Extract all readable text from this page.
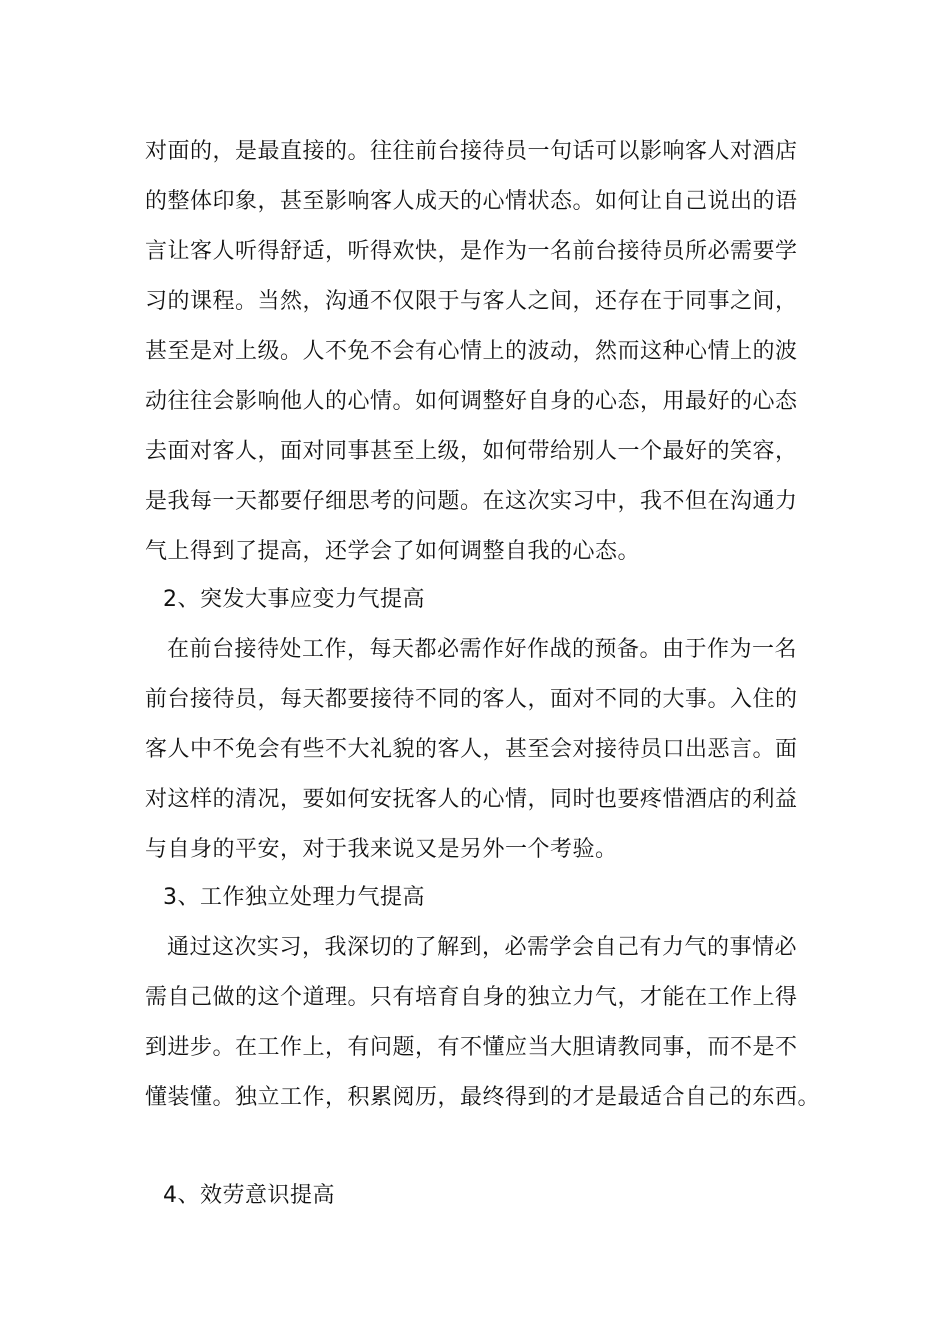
对面的，是最直接的。往往前台接待员一句话可以影响客人对酒店
的整体印象，甚至影响客人成天的心情状态。如何让自己说出的语
言让客人听得舒适，听得欢快，是作为一名前台接待员所必需要学
习的课程。当然，沟通不仅限于与客人之间，还存在于同事之间，
甚至是对上级。人不免不会有心情上的波动，然而这种心情上的波
动往往会影响他人的心情。如何调整好自身的心态，用最好的心态
去面对客人，面对同事甚至上级，如何带给别人一个最好的笑容，
是我每一天都要仔细思考的问题。在这次实习中，我不但在沟通力
气上得到了提高，还学会了如何调整自我的心态。
2、突发大事应变力气提高
在前台接待处工作，每天都必需作好作战的预备。由于作为一名
前台接待员，每天都要接待不同的客人，面对不同的大事。入住的
客人中不免会有些不大礼貌的客人，甚至会对接待员口出恶言。面
对这样的清况，要如何安抚客人的心情，同时也要疼惜酒店的利益
与自身的平安，对于我来说又是另外一个考验。
3、工作独立处理力气提高
通过这次实习，我深切的了解到，必需学会自己有力气的事情必
需自己做的这个道理。只有培育自身的独立力气，才能在工作上得
到进步。在工作上，有问题，有不懂应当大胆请教同事，而不是不
懂装懂。独立工作，积累阅历，最终得到的才是最适合自己的东西。
4、效劳意识提高
